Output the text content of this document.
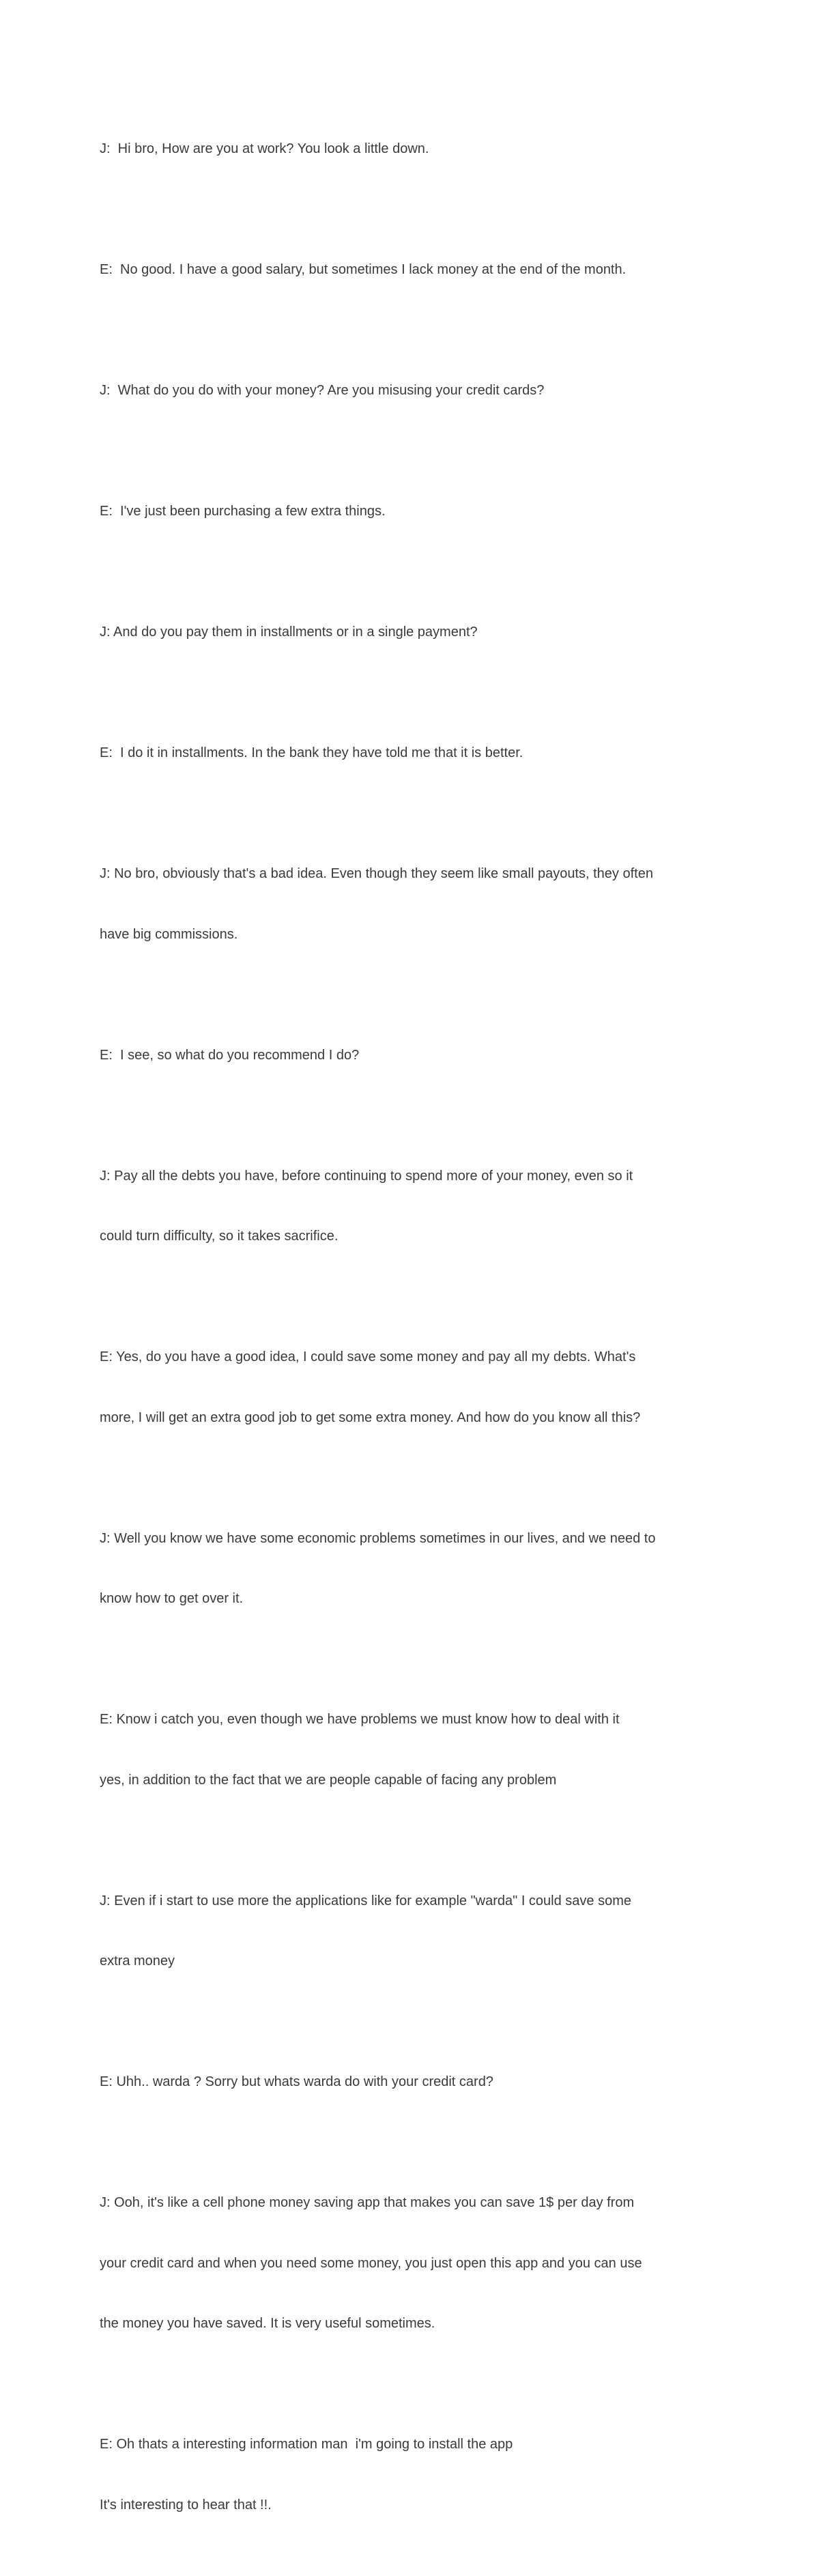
J:  Hi bro, How are you at work? You look a little down.

E:  No good. I have a good salary, but sometimes I lack money at the end of the month.

J:  What do you do with your money? Are you misusing your credit cards?

E:  I've just been purchasing a few extra things.

J: And do you pay them in installments or in a single payment?

E:  I do it in installments. In the bank they have told me that it is better.

J: No bro, obviously that's a bad idea. Even though they seem like small payouts, they often

have big commissions.

E:  I see, so what do you recommend I do?

J: Pay all the debts you have, before continuing to spend more of your money, even so it

could turn difficulty, so it takes sacrifice.

E: Yes, do you have a good idea, I could save some money and pay all my debts. What's

more, I will get an extra good job to get some extra money. And how do you know all this?

J: Well you know we have some economic problems sometimes in our lives, and we need to

know how to get over it.

E: Know i catch you, even though we have problems we must know how to deal with it

yes, in addition to the fact that we are people capable of facing any problem

J: Even if i start to use more the applications like for example "warda" I could save some

extra money

E: Uhh.. warda ? Sorry but whats warda do with your credit card?

J: Ooh, it's like a cell phone money saving app that makes you can save 1$ per day from

your credit card and when you need some money, you just open this app and you can use

the money you have saved. It is very useful sometimes.

E: Oh thats a interesting information man  i'm going to install the app

It's interesting to hear that !!.
